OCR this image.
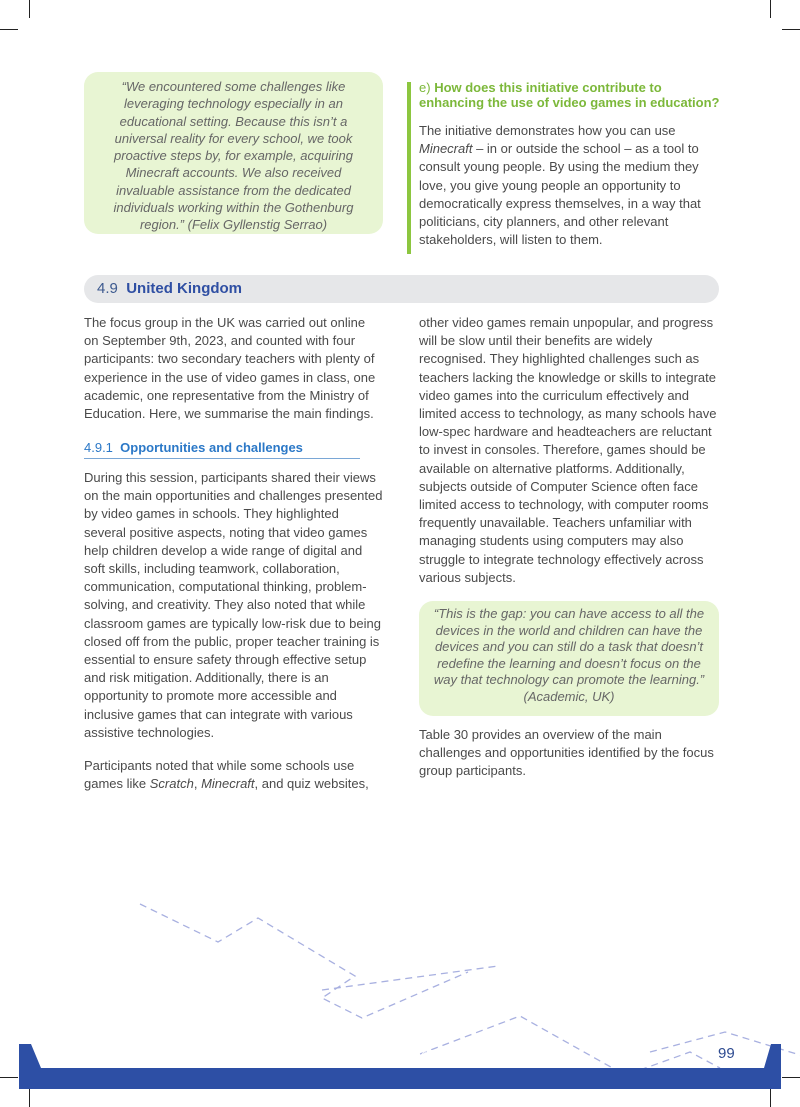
“We encountered some challenges like leveraging technology especially in an educational setting. Because this isn’t a universal reality for every school, we took proactive steps by, for example, acquiring Minecraft accounts. We also received invaluable assistance from the dedicated individuals working within the Gothenburg region.” (Felix Gyllenstig Serrao)
e) How does this initiative contribute to enhancing the use of video games in education?
The initiative demonstrates how you can use Minecraft – in or outside the school – as a tool to consult young people. By using the medium they love, you give young people an opportunity to democratically express themselves, in a way that politicians, city planners, and other relevant stakeholders, will listen to them.
4.9 United Kingdom
The focus group in the UK was carried out online on September 9th, 2023, and counted with four participants: two secondary teachers with plenty of experience in the use of video games in class, one academic, one representative from the Ministry of Education. Here, we summarise the main findings.
4.9.1 Opportunities and challenges
During this session, participants shared their views on the main opportunities and challenges presented by video games in schools. They highlighted several positive aspects, noting that video games help children develop a wide range of digital and soft skills, including teamwork, collaboration, communication, computational thinking, problem-solving, and creativity. They also noted that while classroom games are typically low-risk due to being closed off from the public, proper teacher training is essential to ensure safety through effective setup and risk mitigation. Additionally, there is an opportunity to promote more accessible and inclusive games that can integrate with various assistive technologies.
Participants noted that while some schools use games like Scratch, Minecraft, and quiz websites,
other video games remain unpopular, and progress will be slow until their benefits are widely recognised. They highlighted challenges such as teachers lacking the knowledge or skills to integrate video games into the curriculum effectively and limited access to technology, as many schools have low-spec hardware and headteachers are reluctant to invest in consoles. Therefore, games should be available on alternative platforms. Additionally, subjects outside of Computer Science often face limited access to technology, with computer rooms frequently unavailable. Teachers unfamiliar with managing students using computers may also struggle to integrate technology effectively across various subjects.
“This is the gap: you can have access to all the devices in the world and children can have the devices and you can still do a task that doesn’t redefine the learning and doesn’t focus on the way that technology can promote the learning.” (Academic, UK)
Table 30 provides an overview of the main challenges and opportunities identified by the focus group participants.
Video Games in European Schools: Results from the Games in Schools 2023-2024 Research Project	99
